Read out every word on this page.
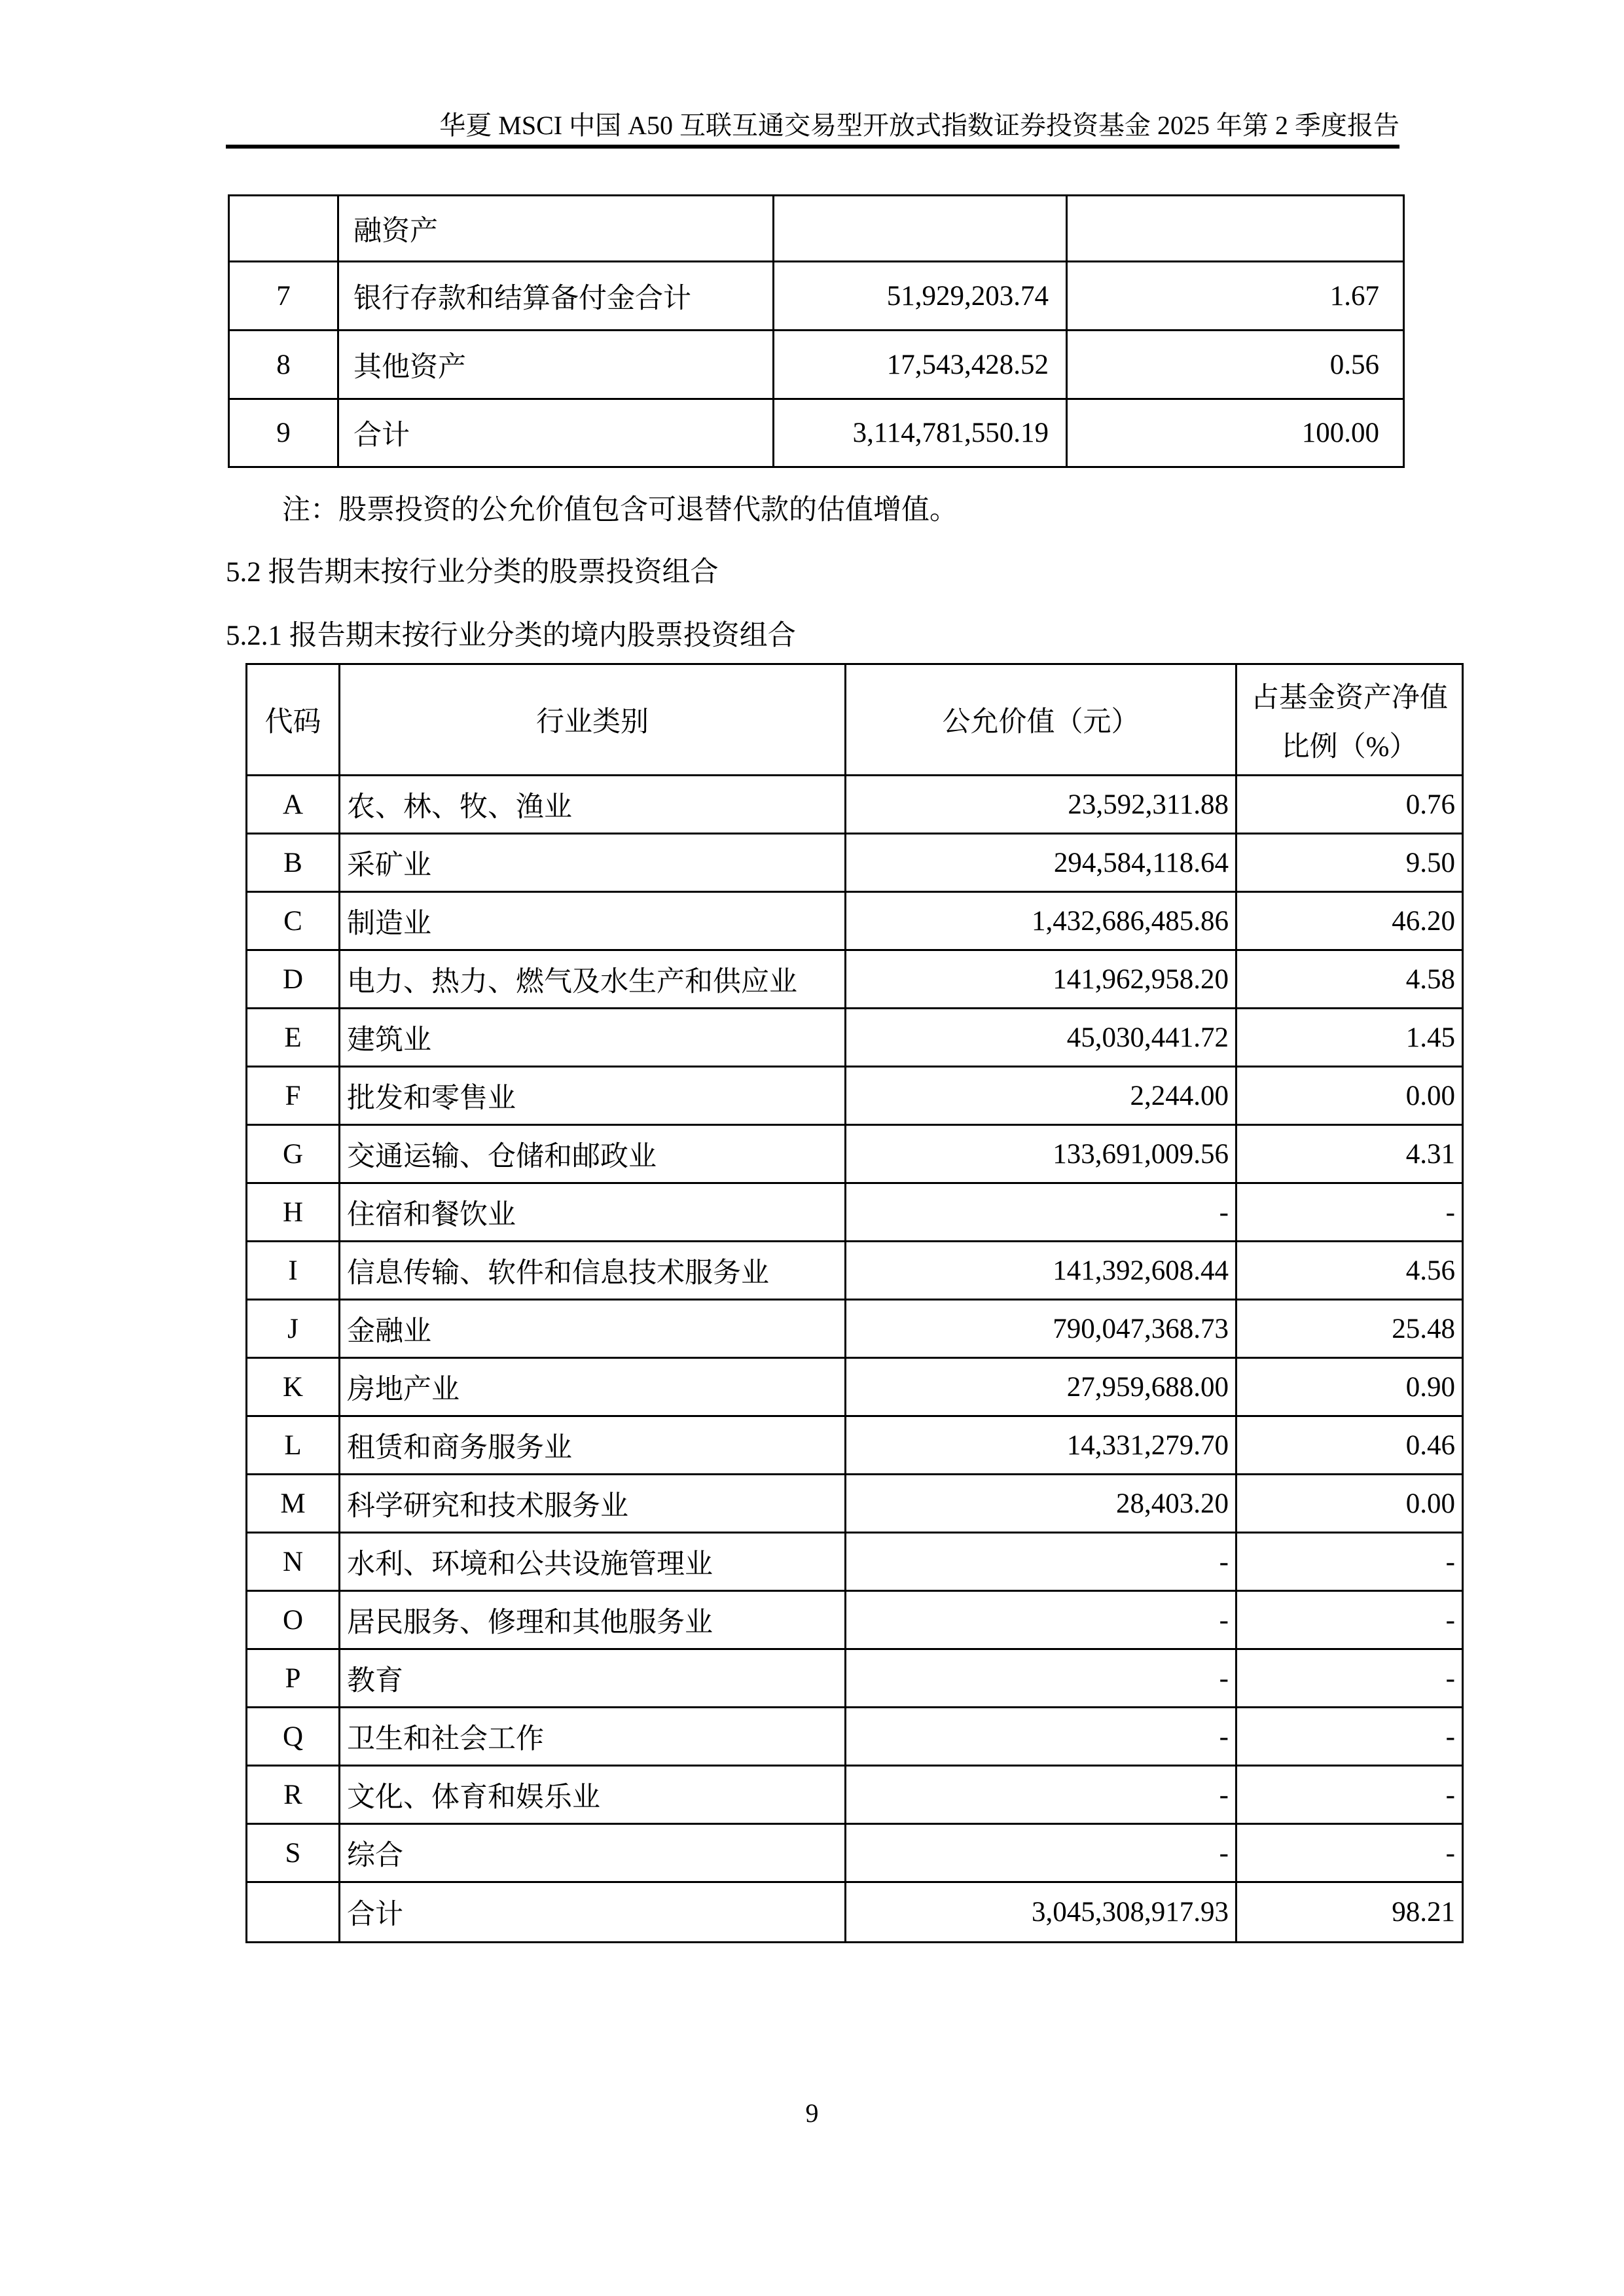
华夏 MSCI 中国 A50 互联互通交易型开放式指数证券投资基金 2025 年第 2 季度报告
	融资产		
7	银行存款和结算备付金合计	51,929,203.74	1.67
8	其他资产	17,543,428.52	0.56
9	合计	3,114,781,550.19	100.00
注：股票投资的公允价值包含可退替代款的估值增值。
5.2 报告期末按行业分类的股票投资组合
5.2.1 报告期末按行业分类的境内股票投资组合
代码	行业类别	公允价值（元）	占基金资产净值
比例（%）

A	农、林、牧、渔业	23,592,311.88	0.76
B	采矿业	294,584,118.64	9.50
C	制造业	1,432,686,485.86	46.20
D	电力、热力、燃气及水生产和供应业	141,962,958.20	4.58
E	建筑业	45,030,441.72	1.45
F	批发和零售业	2,244.00	0.00
G	交通运输、仓储和邮政业	133,691,009.56	4.31
H	住宿和餐饮业	-	-
I	信息传输、软件和信息技术服务业	141,392,608.44	4.56
J	金融业	790,047,368.73	25.48
K	房地产业	27,959,688.00	0.90
L	租赁和商务服务业	14,331,279.70	0.46
M	科学研究和技术服务业	28,403.20	0.00
N	水利、环境和公共设施管理业	-	-
O	居民服务、修理和其他服务业	-	-
P	教育	-	-
Q	卫生和社会工作	-	-
R	文化、体育和娱乐业	-	-
S	综合	-	-
	合计	3,045,308,917.93	98.21
9
